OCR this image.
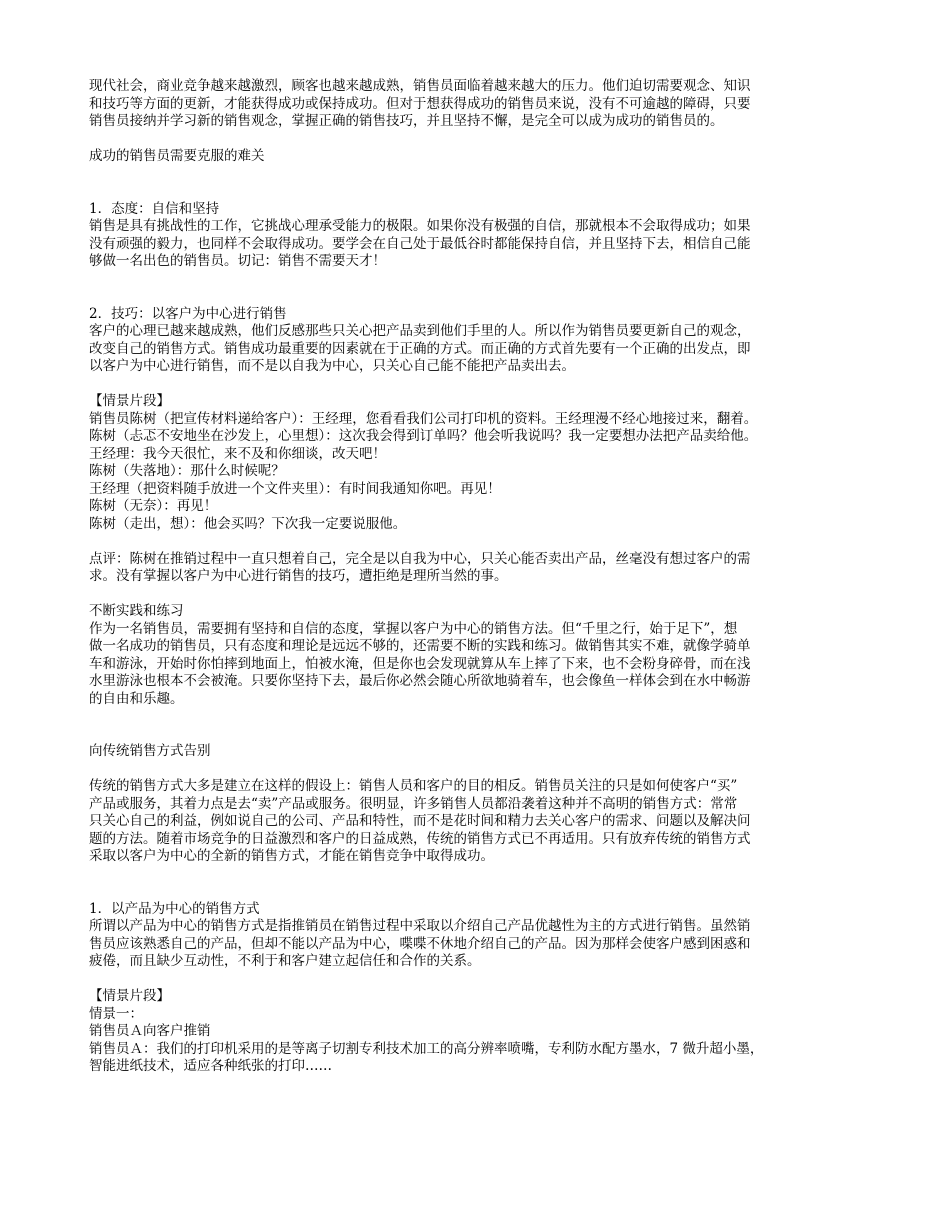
现代社会，商业竞争越来越激烈，顾客也越来越成熟，销售员面临着越来越大的压力。他们迫切需要观念、知识
和技巧等方面的更新，才能获得成功或保持成功。但对于想获得成功的销售员来说，没有不可逾越的障碍，只要
销售员接纳并学习新的销售观念，掌握正确的销售技巧，并且坚持不懈，是完全可以成为成功的销售员的。
成功的销售员需要克服的难关
1．态度：自信和坚持
销售是具有挑战性的工作，它挑战心理承受能力的极限。如果你没有极强的自信，那就根本不会取得成功；如果
没有顽强的毅力，也同样不会取得成功。要学会在自己处于最低谷时都能保持自信，并且坚持下去，相信自己能
够做一名出色的销售员。切记：销售不需要天才！
2．技巧：以客户为中心进行销售
客户的心理已越来越成熟，他们反感那些只关心把产品卖到他们手里的人。所以作为销售员要更新自己的观念，
改变自己的销售方式。销售成功最重要的因素就在于正确的方式。而正确的方式首先要有一个正确的出发点，即
以客户为中心进行销售，而不是以自我为中心，只关心自己能不能把产品卖出去。
【情景片段】
销售员陈树（把宣传材料递给客户）：王经理，您看看我们公司打印机的资料。王经理漫不经心地接过来，翻着。
陈树（忐忑不安地坐在沙发上，心里想）：这次我会得到订单吗？他会听我说吗？我一定要想办法把产品卖给他。
王经理：我今天很忙，来不及和你细谈，改天吧！
陈树（失落地）：那什么时候呢？
王经理（把资料随手放进一个文件夹里）：有时间我通知你吧。再见！
陈树（无奈）：再见！
陈树（走出，想）：他会买吗？下次我一定要说服他。
点评：陈树在推销过程中一直只想着自己，完全是以自我为中心，只关心能否卖出产品，丝毫没有想过客户的需
求。没有掌握以客户为中心进行销售的技巧，遭拒绝是理所当然的事。
不断实践和练习
作为一名销售员，需要拥有坚持和自信的态度，掌握以客户为中心的销售方法。但“千里之行，始于足下”，想
做一名成功的销售员，只有态度和理论是远远不够的，还需要不断的实践和练习。做销售其实不难，就像学骑单
车和游泳，开始时你怕摔到地面上，怕被水淹，但是你也会发现就算从车上摔了下来，也不会粉身碎骨，而在浅
水里游泳也根本不会被淹。只要你坚持下去，最后你必然会随心所欲地骑着车，也会像鱼一样体会到在水中畅游
的自由和乐趣。
向传统销售方式告别
传统的销售方式大多是建立在这样的假设上：销售人员和客户的目的相反。销售员关注的只是如何使客户“买”
产品或服务，其着力点是去“卖”产品或服务。很明显，许多销售人员都沿袭着这种并不高明的销售方式：常常
只关心自己的利益，例如说自己的公司、产品和特性，而不是花时间和精力去关心客户的需求、问题以及解决问
题的方法。随着市场竞争的日益激烈和客户的日益成熟，传统的销售方式已不再适用。只有放弃传统的销售方式
采取以客户为中心的全新的销售方式，才能在销售竞争中取得成功。
1．以产品为中心的销售方式
所谓以产品为中心的销售方式是指推销员在销售过程中采取以介绍自己产品优越性为主的方式进行销售。虽然销
售员应该熟悉自己的产品，但却不能以产品为中心，喋喋不休地介绍自己的产品。因为那样会使客户感到困惑和
疲倦，而且缺少互动性，不利于和客户建立起信任和合作的关系。
【情景片段】
情景一：
销售员Ａ向客户推销
销售员Ａ：我们的打印机采用的是等离子切割专利技术加工的高分辨率喷嘴，专利防水配方墨水，7 微升超小墨，
智能进纸技术，适应各种纸张的打印……
